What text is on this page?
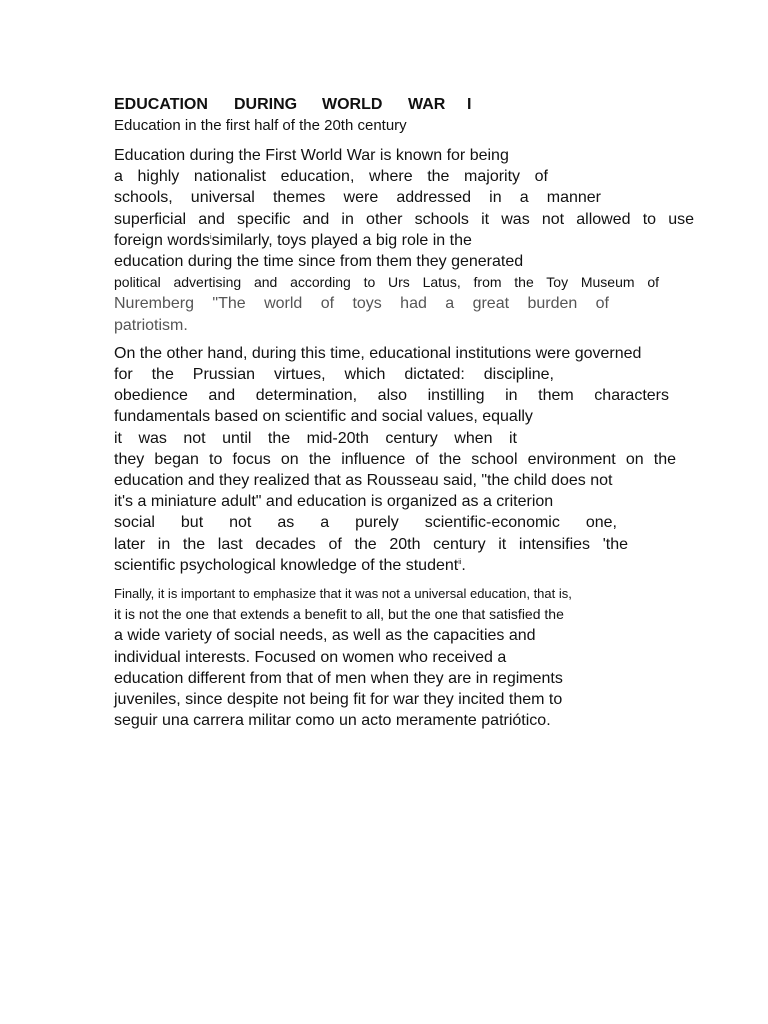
EDUCATION DURING WORLD WAR I

Education in the first half of the 20th century

Education during the First World War is known for being
a highly nationalist education, where the majority of
schools, universal themes were addressed in a manner
superficial and specific and in other schools it was not allowed to use
foreign words$^i$similarly, toys played a big role in the
education during the time since from them they generated
political advertising and according to Urs Latus, from the Toy Museum of
Nuremberg "The world of toys had a great burden of
patriotism.
On the other hand, during this time, educational institutions were governed
for the Prussian virtues, which dictated: discipline,
obedience and determination, also instilling in them characters
fundamentals based on scientific and social values, equally
it was not until the mid-20th century when it
they began to focus on the influence of the school environment on the
education and they realized that as Rousseau said, "the child does not
it's a miniature adult" and education is organized as a criterion
social but not as a purely scientific-economic one,
later in the last decades of the 20th century it intensifies 'the
scientific psychological knowledge of the student$^{ii}$.
Finally, it is important to emphasize that it was not a universal education, that is,
it is not the one that extends a benefit to all, but the one that satisfied the
a wide variety of social needs, as well as the capacities and
individual interests. Focused on women who received a
education different from that of men when they are in regiments
juveniles, since despite not being fit for war they incited them to
seguir una carrera militar como un acto meramente patriótico.
